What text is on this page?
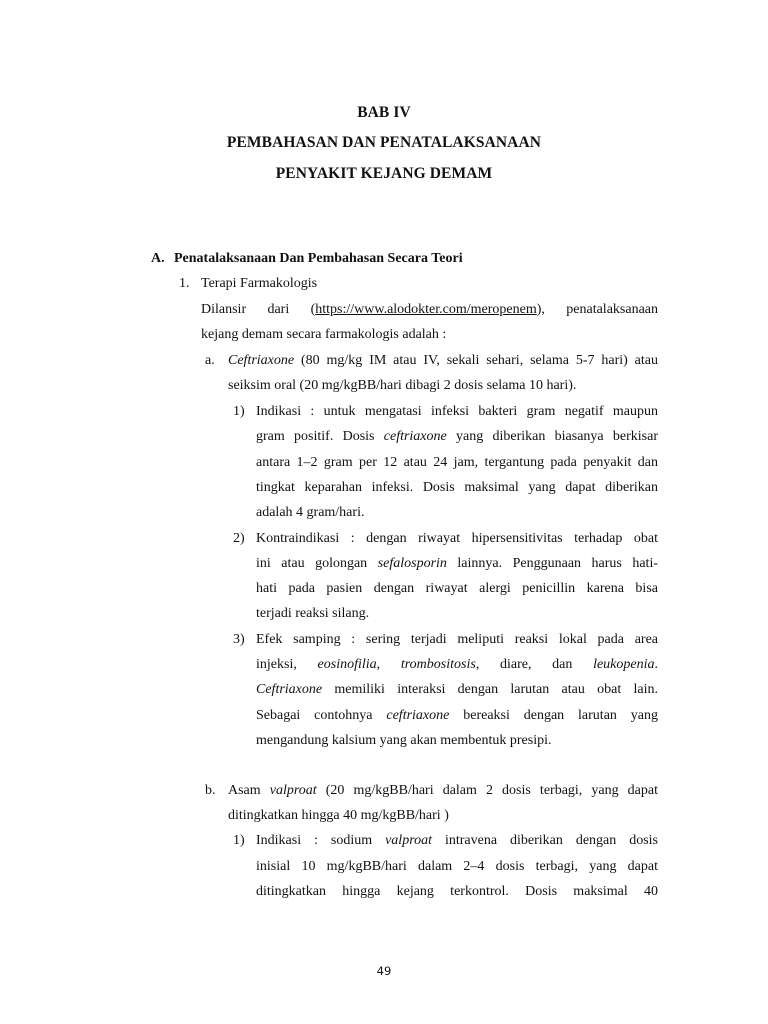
BAB IV
PEMBAHASAN DAN PENATALAKSANAAN
PENYAKIT KEJANG DEMAM
A. Penatalaksanaan Dan Pembahasan Secara Teori
1. Terapi Farmakologis
Dilansir dari (https://www.alodokter.com/meropenem), penatalaksanaan
kejang demam secara farmakologis adalah :
a. Ceftriaxone (80 mg/kg IM atau IV, sekali sehari, selama 5-7 hari) atau
seiksim oral (20 mg/kgBB/hari dibagi 2 dosis selama 10 hari).
1) Indikasi : untuk mengatasi infeksi bakteri gram negatif maupun
gram positif. Dosis ceftriaxone yang diberikan biasanya berkisar
antara 1–2 gram per 12 atau 24 jam, tergantung pada penyakit dan
tingkat keparahan infeksi. Dosis maksimal yang dapat diberikan
adalah 4 gram/hari.
2) Kontraindikasi : dengan riwayat hipersensitivitas terhadap obat
ini atau golongan sefalosporin lainnya. Penggunaan harus hati-
hati pada pasien dengan riwayat alergi penicillin karena bisa
terjadi reaksi silang.
3) Efek samping : sering terjadi meliputi reaksi lokal pada area
injeksi, eosinofilia, trombositosis, diare, dan leukopenia.
Ceftriaxone memiliki interaksi dengan larutan atau obat lain.
Sebagai contohnya ceftriaxone bereaksi dengan larutan yang
mengandung kalsium yang akan membentuk presipi.
b. Asam valproat (20 mg/kgBB/hari dalam 2 dosis terbagi, yang dapat
ditingkatkan hingga 40 mg/kgBB/hari )
1) Indikasi : sodium valproat intravena diberikan dengan dosis
inisial 10 mg/kgBB/hari dalam 2–4 dosis terbagi, yang dapat
ditingkatkan hingga kejang terkontrol. Dosis maksimal 40
49
